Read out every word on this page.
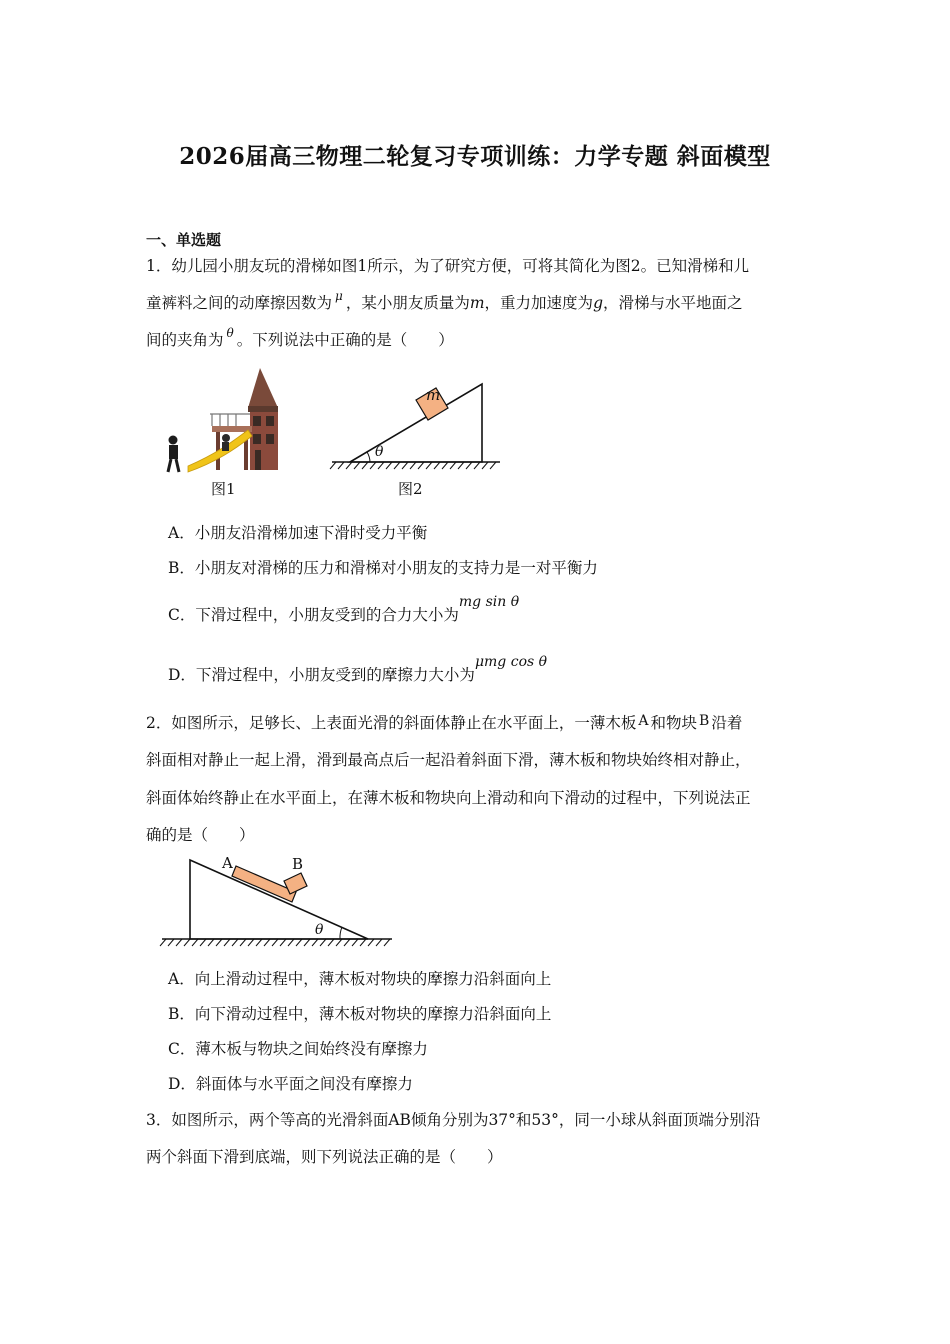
2026届高三物理二轮复习专项训练：力学专题 斜面模型
一、单选题
1．幼儿园小朋友玩的滑梯如图1所示，为了研究方便，可将其简化为图2。已知滑梯和儿
童裤料之间的动摩擦因数为 $^\mu$ ，某小朋友质量为m，重力加速度为g，滑梯与水平地面之
间的夹角为 $^\theta$ 。下列说法中正确的是（　　）
图1
m
θ
图2
A．小朋友沿滑梯加速下滑时受力平衡
B．小朋友对滑梯的压力和滑梯对小朋友的支持力是一对平衡力
C．下滑过程中，小朋友受到的合力大小为mg sin θ
D．下滑过程中，小朋友受到的摩擦力大小为μmg cos θ
2．如图所示，足够长、上表面光滑的斜面体静止在水平面上，一薄木板 A 和物块 B 沿着
斜面相对静止一起上滑，滑到最高点后一起沿着斜面下滑，薄木板和物块始终相对静止，
斜面体始终静止在水平面上，在薄木板和物块向上滑动和向下滑动的过程中，下列说法正
确的是（　　）
A	B
θ
A．向上滑动过程中，薄木板对物块的摩擦力沿斜面向上
B．向下滑动过程中，薄木板对物块的摩擦力沿斜面向上
C．薄木板与物块之间始终没有摩擦力
D．斜面体与水平面之间没有摩擦力
3．如图所示，两个等高的光滑斜面AB倾角分别为37°和53°，同一小球从斜面顶端分别沿
两个斜面下滑到底端，则下列说法正确的是（　　）
